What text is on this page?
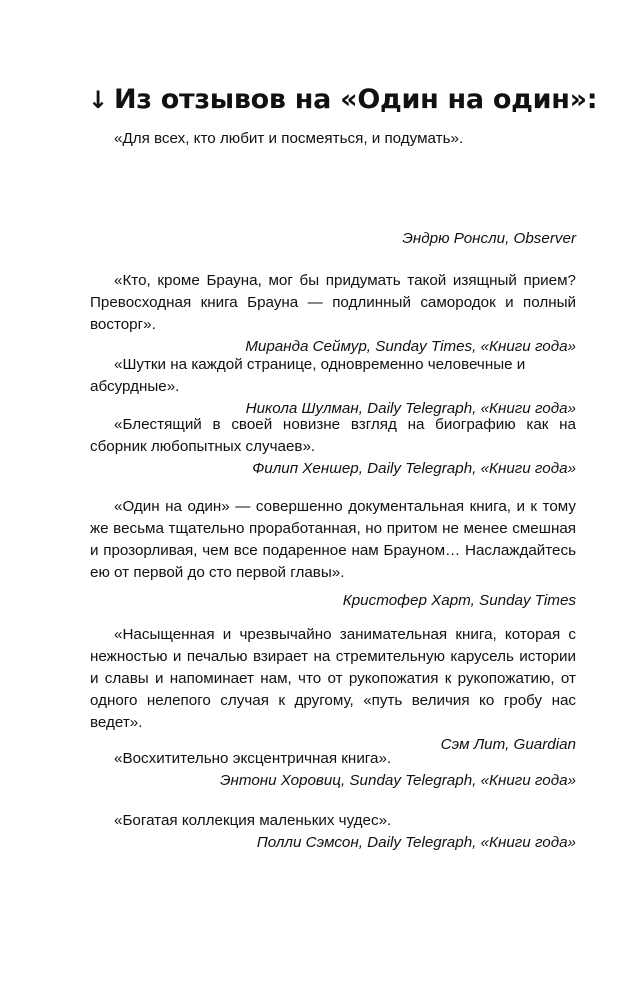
↓ Из отзывов на «Один на один»:

«Для всех, кто любит и посмеяться, и подумать».

Эндрю Ронсли, Observer

«Кто, кроме Брауна, мог бы придумать такой изящный прием? Превосходная книга Брауна — подлинный самородок и полный восторг».

Миранда Сеймур, Sunday Times, «Книги года»

«Шутки на каждой странице, одновременно человечные и абсурдные».

Никола Шулман, Daily Telegraph, «Книги года»

«Блестящий в своей новизне взгляд на биографию как на сборник любопытных случаев».

Филип Хеншер, Daily Telegraph, «Книги года»

«Один на один» — совершенно документальная книга, и к тому же весьма тщательно проработанная, но притом не менее смешная и прозорливая, чем все подаренное нам Брауном… Наслаждайтесь ею от первой до сто первой главы».

Кристофер Харт, Sunday Times

«Насыщенная и чрезвычайно занимательная книга, которая с нежностью и печалью взирает на стремительную карусель истории и славы и напоминает нам, что от рукопожатия к рукопожатию, от одного нелепого случая к другому, «путь величия ко гробу нас ведет».

Сэм Лит, Guardian

«Восхитительно эксцентричная книга».

Энтони Хоровиц, Sunday Telegraph, «Книги года»

«Богатая коллекция маленьких чудес».

Полли Сэмсон, Daily Telegraph, «Книги года»
